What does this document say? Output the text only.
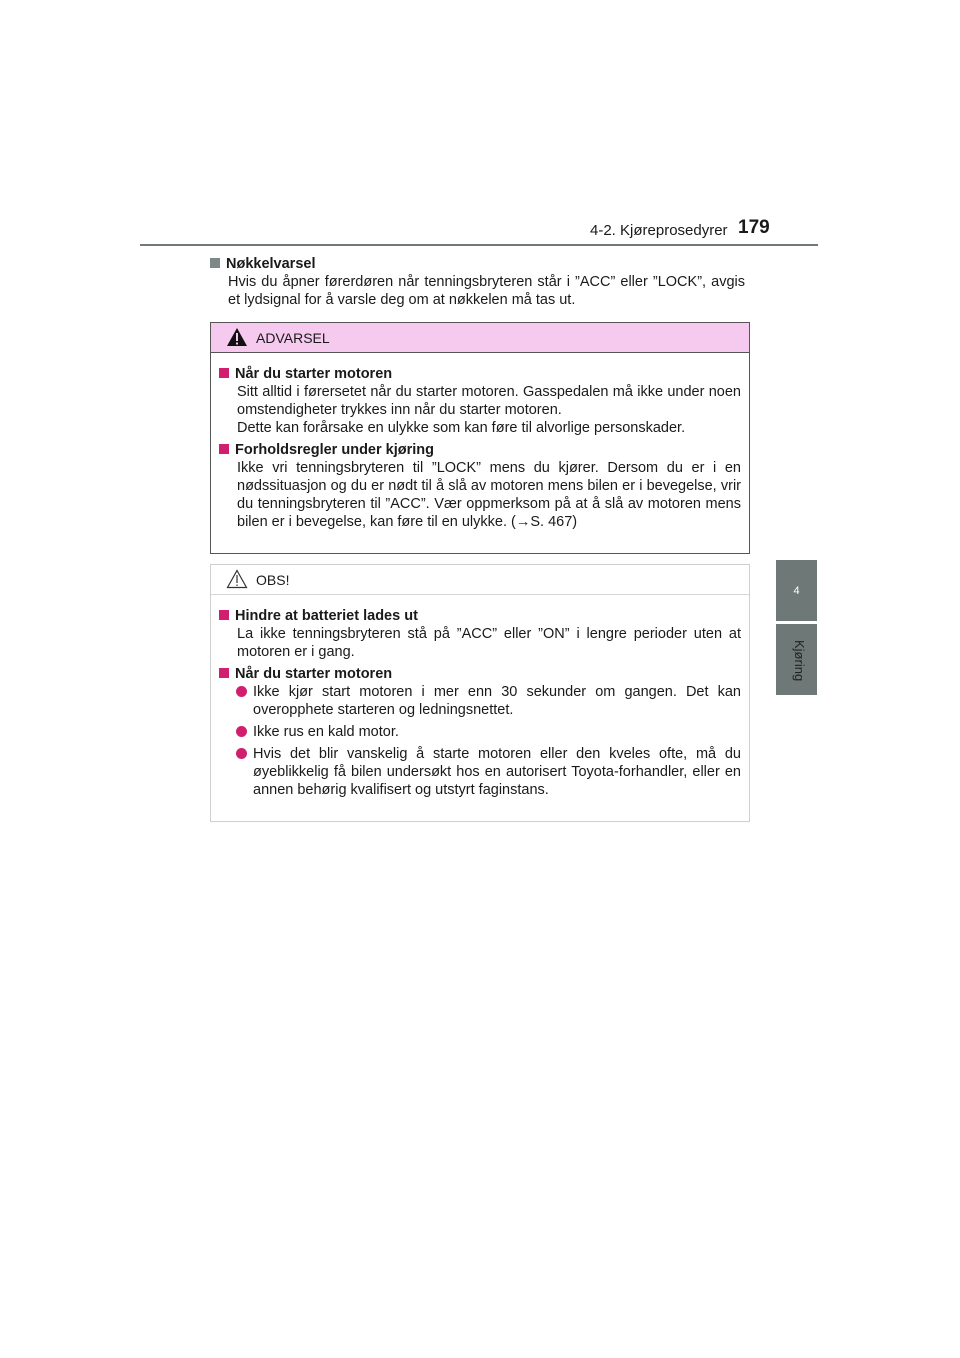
4-2. Kjøreprosedyrer 179
4
Kjøring
Nøkkelvarsel
Hvis du åpner førerdøren når tenningsbryteren står i ”ACC” eller ”LOCK”, avgis et lydsignal for å varsle deg om at nøkkelen må tas ut.
ADVARSEL
Når du starter motoren
Sitt alltid i førersetet når du starter motoren. Gasspedalen må ikke under noen omstendigheter trykkes inn når du starter motoren.
Dette kan forårsake en ulykke som kan føre til alvorlige personskader.
Forholdsregler under kjøring
Ikke vri tenningsbryteren til ”LOCK” mens du kjører. Dersom du er i en nødssituasjon og du er nødt til å slå av motoren mens bilen er i bevegelse, vrir du tenningsbryteren til ”ACC”. Vær oppmerksom på at å slå av motoren mens bilen er i bevegelse, kan føre til en ulykke. (→S. 467)
OBS!
Hindre at batteriet lades ut
La ikke tenningsbryteren stå på ”ACC” eller ”ON” i lengre perioder uten at motoren er i gang.
Når du starter motoren
Ikke kjør start motoren i mer enn 30 sekunder om gangen. Det kan overopphete starteren og ledningsnettet.
Ikke rus en kald motor.
Hvis det blir vanskelig å starte motoren eller den kveles ofte, må du øyeblikkelig få bilen undersøkt hos en autorisert Toyota-forhandler, eller en annen behørig kvalifisert og utstyrt faginstans.
